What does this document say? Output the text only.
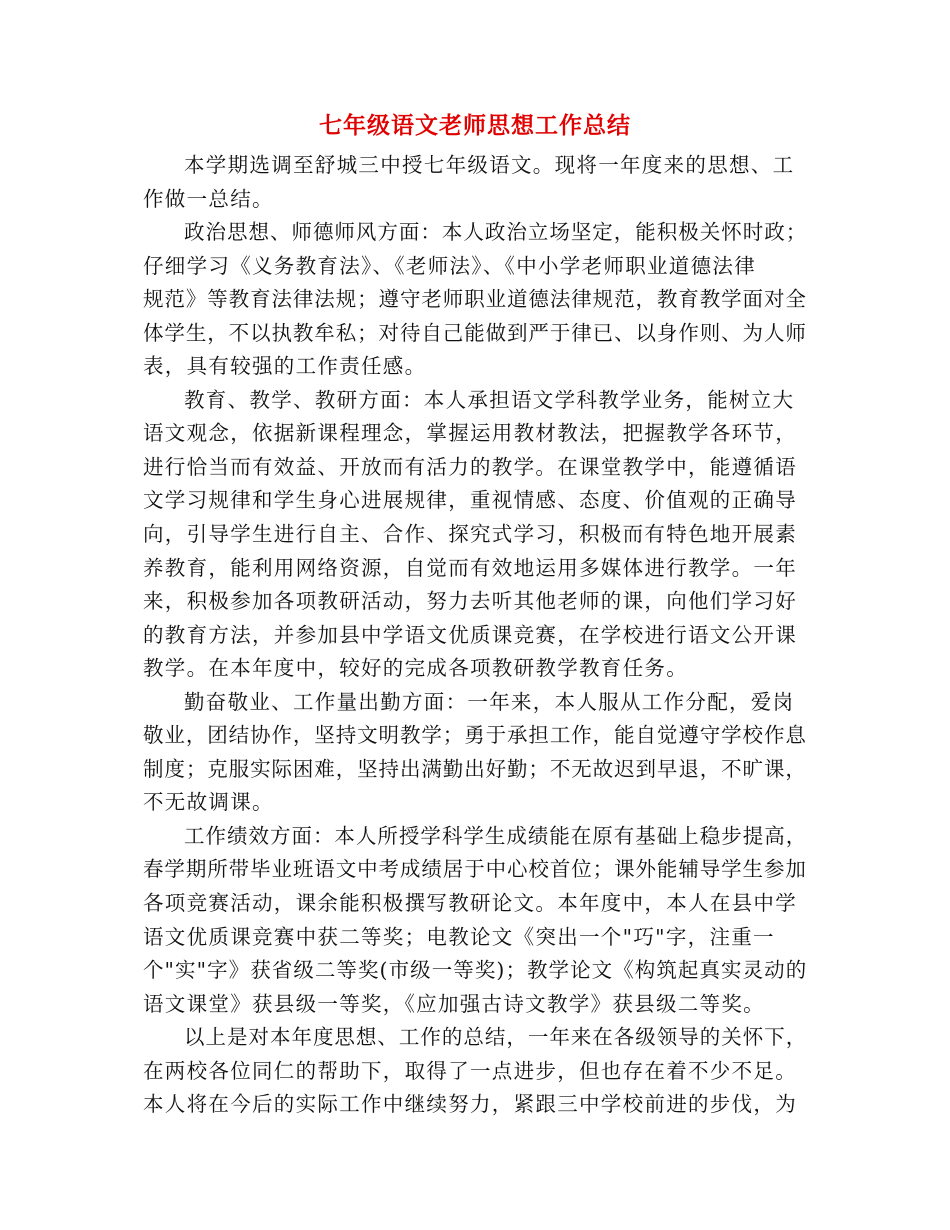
七年级语文老师思想工作总结
本学期选调至舒城三中授七年级语文。现将一年度来的思想、工
作做一总结。
政治思想、师德师风方面：本人政治立场坚定，能积极关怀时政；
仔细学习《义务教育法》、《老师法》、《中小学老师职业道德法律
规范》等教育法律法规；遵守老师职业道德法律规范，教育教学面对全
体学生，不以执教牟私；对待自己能做到严于律已、以身作则、为人师
表，具有较强的工作责任感。
教育、教学、教研方面：本人承担语文学科教学业务，能树立大
语文观念，依据新课程理念，掌握运用教材教法，把握教学各环节，
进行恰当而有效益、开放而有活力的教学。在课堂教学中，能遵循语
文学习规律和学生身心进展规律，重视情感、态度、价值观的正确导
向，引导学生进行自主、合作、探究式学习，积极而有特色地开展素
养教育，能利用网络资源，自觉而有效地运用多媒体进行教学。一年
来，积极参加各项教研活动，努力去听其他老师的课，向他们学习好
的教育方法，并参加县中学语文优质课竞赛，在学校进行语文公开课
教学。在本年度中，较好的完成各项教研教学教育任务。
勤奋敬业、工作量出勤方面：一年来，本人服从工作分配，爱岗
敬业，团结协作，坚持文明教学；勇于承担工作，能自觉遵守学校作息
制度；克服实际困难，坚持出满勤出好勤；不无故迟到早退，不旷课，
不无故调课。
工作绩效方面：本人所授学科学生成绩能在原有基础上稳步提高，
春学期所带毕业班语文中考成绩居于中心校首位；课外能辅导学生参加
各项竞赛活动，课余能积极撰写教研论文。本年度中，本人在县中学
语文优质课竞赛中获二等奖；电教论文《突出一个"巧"字，注重一
个"实"字》获省级二等奖(市级一等奖)；教学论文《构筑起真实灵动的
语文课堂》获县级一等奖，《应加强古诗文教学》获县级二等奖。
以上是对本年度思想、工作的总结，一年来在各级领导的关怀下，
在两校各位同仁的帮助下，取得了一点进步，但也存在着不少不足。
本人将在今后的实际工作中继续努力，紧跟三中学校前进的步伐，为
